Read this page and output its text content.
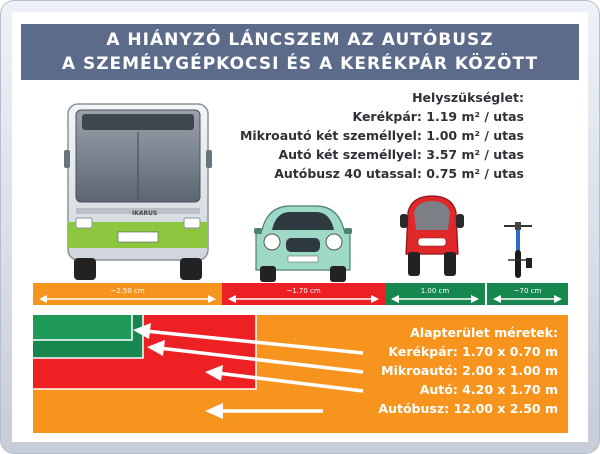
A HIÁNYZÓ LÁNCSZEM AZ AUTÓBUSZ
A SZEMÉLYGÉPKOCSI ÉS A KERÉKPÁR KÖZÖTT
Helyszükséglet:
Kerékpár: 1.19 m² / utas
Mikroautó két személlyel: 1.00 m² / utas
Autó két személlyel: 3.57 m² / utas
Autóbusz 40 utassal: 0.75 m² / utas
IKARUS
~2.50 cm	~1.70 cm	1.00 cm	~70 cm
Alapterület méretek:
Kerékpár: 1.70 x 0.70 m
Mikroautó: 2.00 x 1.00 m
Autó: 4.20 x 1.70 m
Autóbusz: 12.00 x 2.50 m
